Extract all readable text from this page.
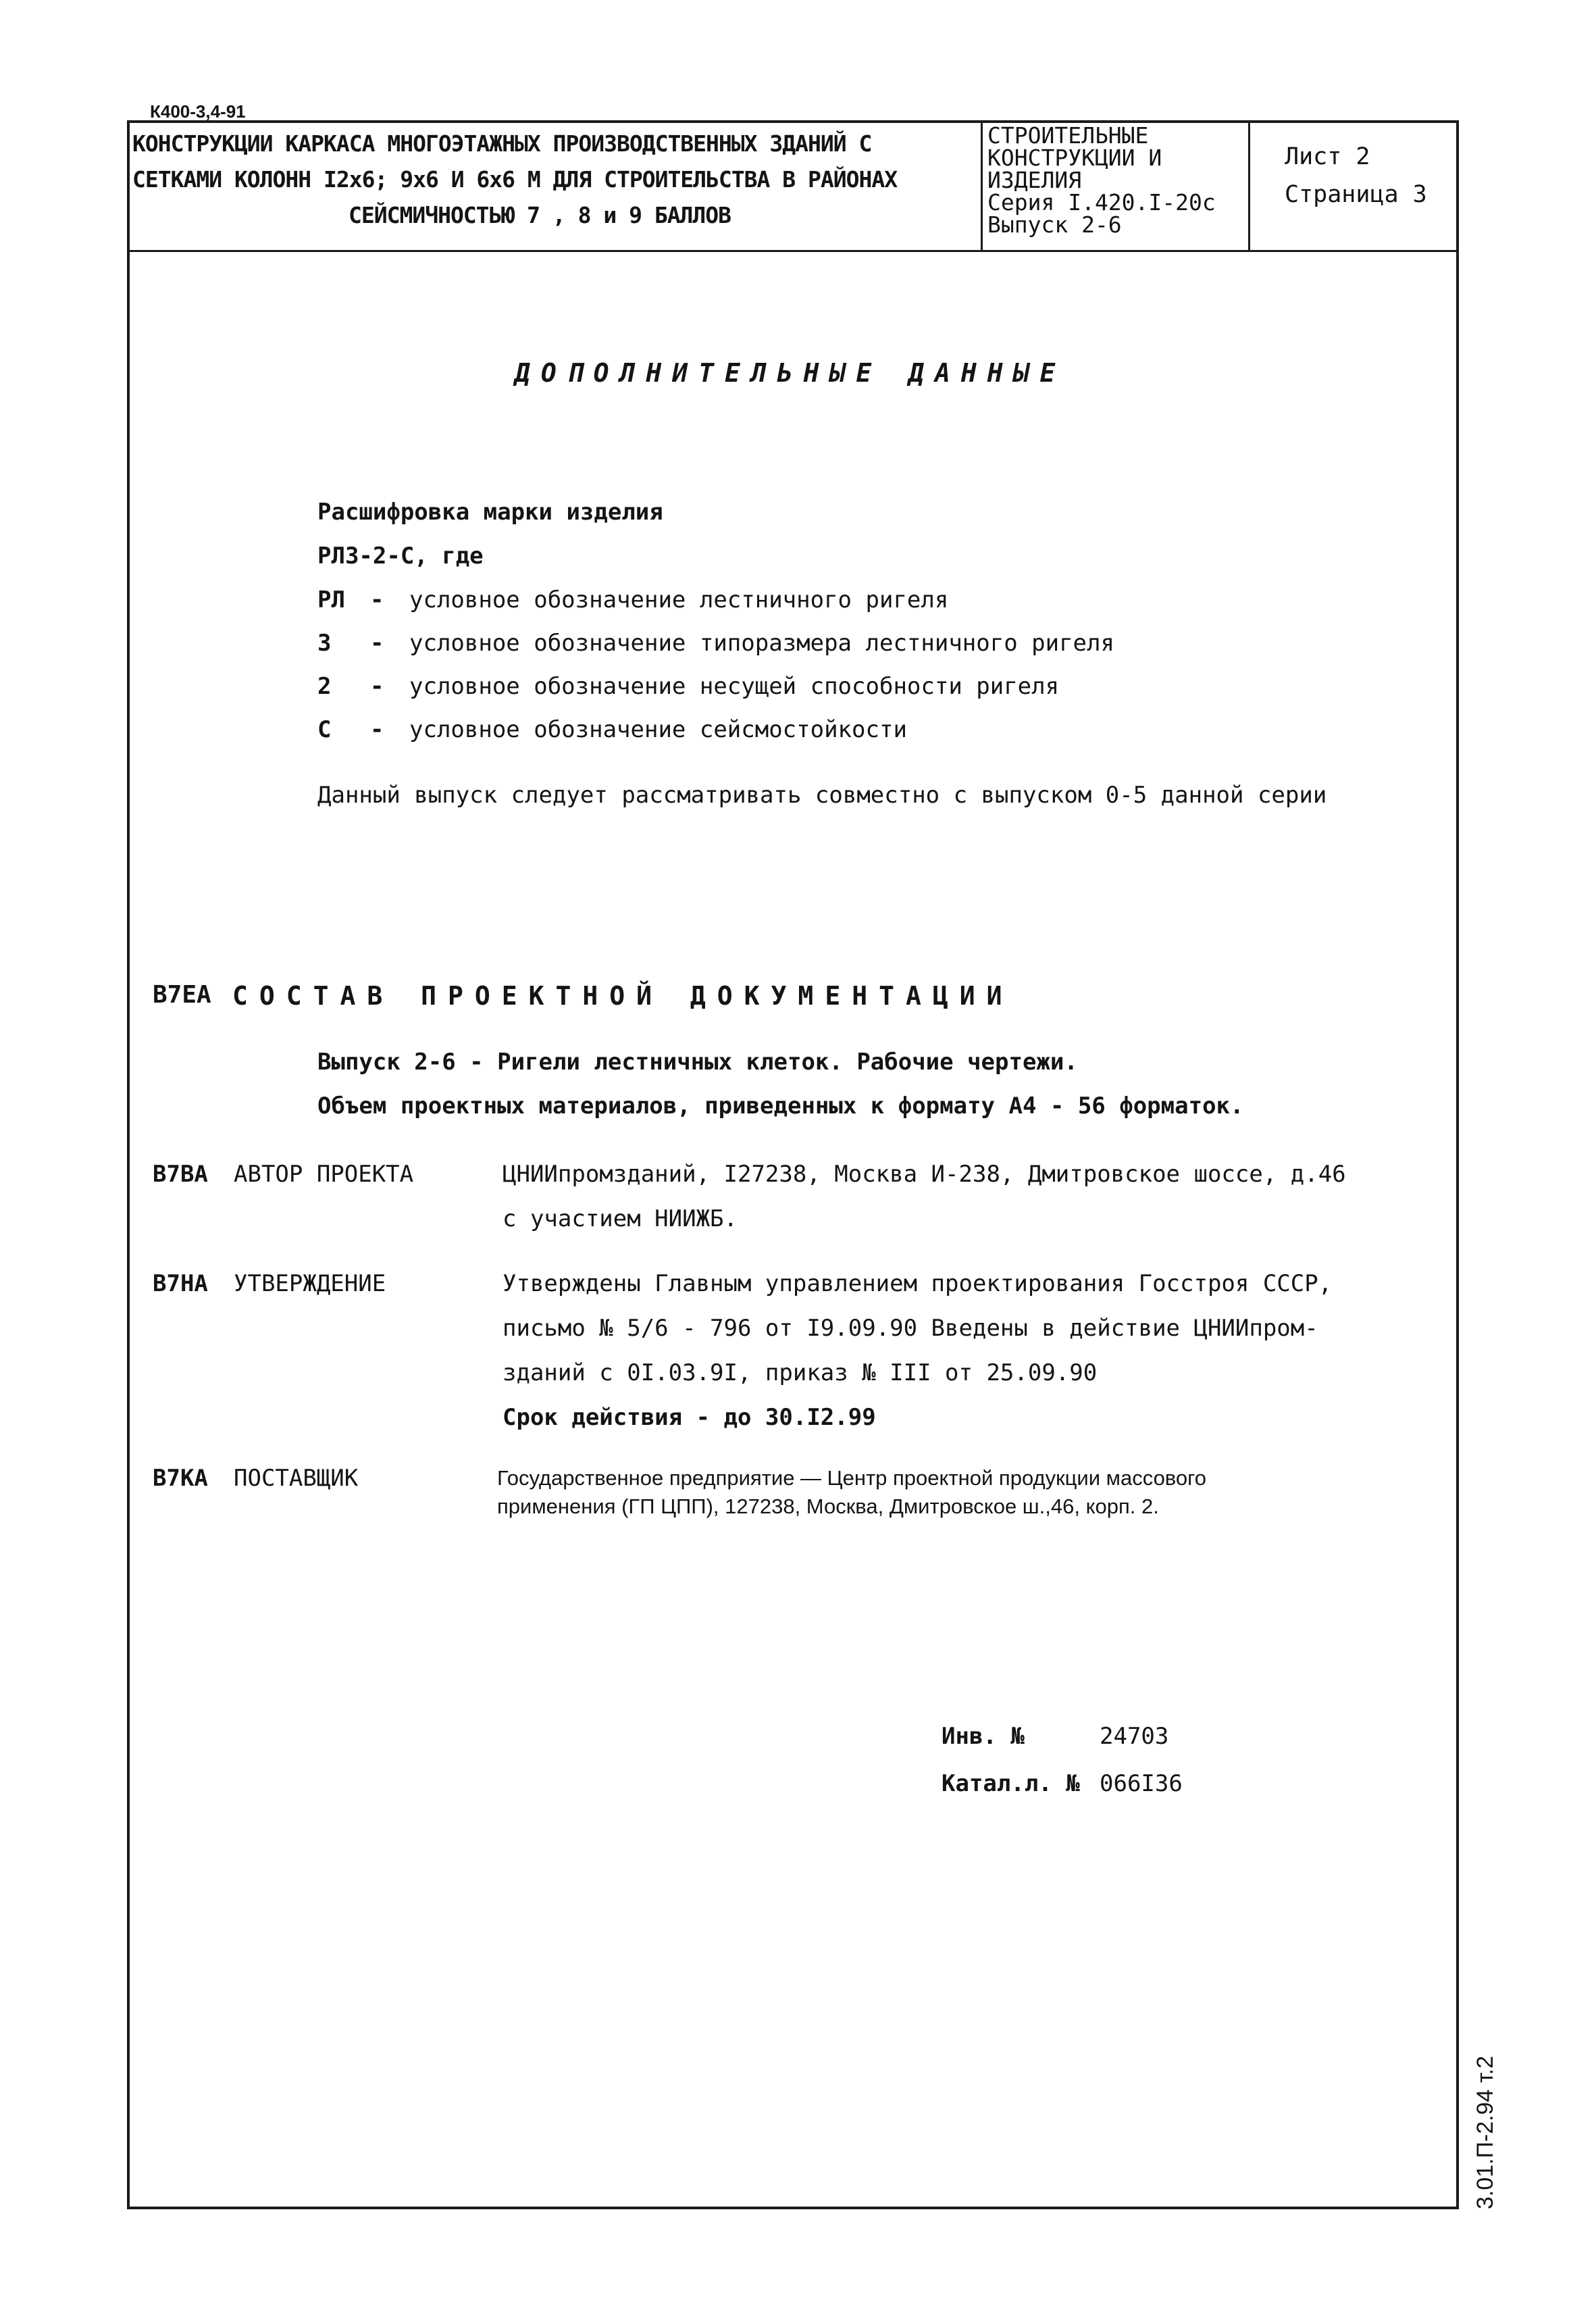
К400-3,4-91
КОНСТРУКЦИИ КАРКАСА МНОГОЭТАЖНЫХ ПРОИЗВОДСТВЕННЫХ ЗДАНИЙ С
СЕТКАМИ КОЛОНН I2х6; 9х6 И 6х6 М ДЛЯ СТРОИТЕЛЬСТВА В РАЙОНАХ
СЕЙСМИЧНОСТЬЮ 7 , 8 и 9 БАЛЛОВ
СТРОИТЕЛЬНЫЕ
КОНСТРУКЦИИ И
ИЗДЕЛИЯ
Серия I.420.I-20с
Выпуск 2-6
Лист 2
Страница 3
ДОПОЛНИТЕЛЬНЫЕ ДАННЫЕ
Расшифровка марки изделия
РЛ3-2-С, где
РЛ - условное обозначение лестничного ригеля
3 - условное обозначение типоразмера лестничного ригеля
2 - условное обозначение несущей способности ригеля
С - условное обозначение сейсмостойкости
Данный выпуск следует рассматривать совместно с выпуском 0-5 данной серии
В7ЕА СОСТАВ ПРОЕКТНОЙ ДОКУМЕНТАЦИИ
Выпуск 2-6 - Ригели лестничных клеток. Рабочие чертежи.
Объем проектных материалов, приведенных к формату А4 - 56 форматок.
В7ВА АВТОР ПРОЕКТА	ЦНИИпромзданий, I27238, Москва И-238, Дмитровское шоссе, д.46
с участием НИИЖБ.
В7НА УТВЕРЖДЕНИЕ	Утверждены Главным управлением проектирования Госстроя СССР,
письмо № 5/6 - 796 от I9.09.90 Введены в действие ЦНИИпром-
зданий с 0I.03.9I, приказ № III от 25.09.90
Срок действия - до 30.I2.99
В7КА ПОСТАВЩИК	Государственное предприятие — Центр проектной продукции массового
применения (ГП ЦПП), 127238, Москва, Дмитровское ш.,46, корп. 2.
Инв. №	24703
Катал.л. № 066I36
3.01.П-2.94 т.2
